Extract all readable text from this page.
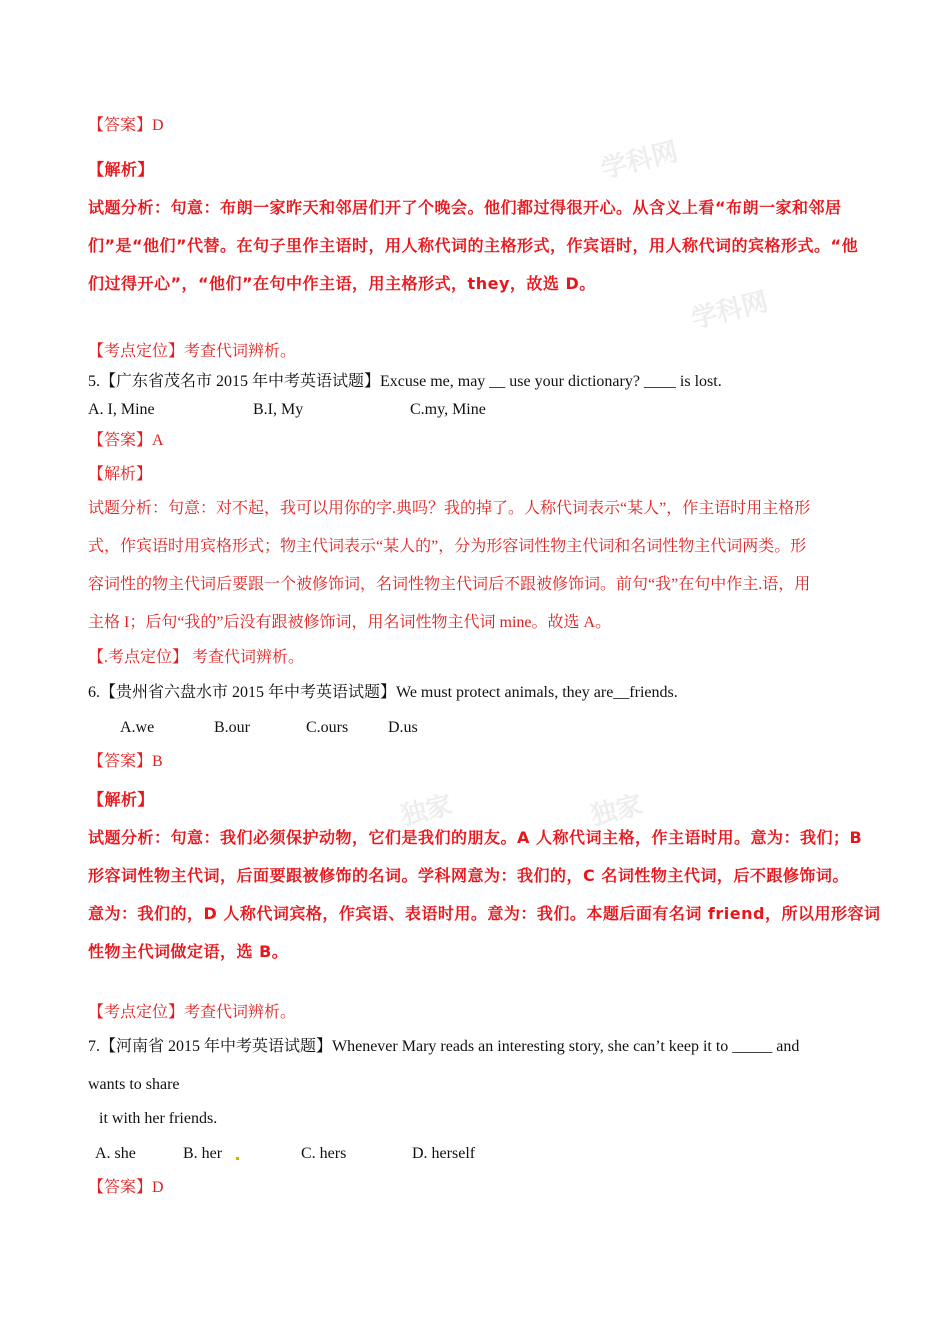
学科网
学科网
独家	独家
【答案】D
【解析】
试题分析：句意：布朗一家昨天和邻居们开了个晚会。他们都过得很开心。从含义上看“布朗一家和邻居
们”是“他们”代替。在句子里作主语时，用人称代词的主格形式，作宾语时，用人称代词的宾格形式。“他
们过得开心”，“他们”在句中作主语，用主格形式，they，故选 D。
【考点定位】考查代词辨析。
5.【广东省茂名市 2015 年中考英语试题】Excuse me, may __ use your dictionary? ____ is lost.
A. I, Mine	B.I, My	C.my, Mine
【答案】A
【解析】
试题分析：句意：对不起，我可以用你的字.典吗？我的掉了。人称代词表示“某人”，作主语时用主格形
式，作宾语时用宾格形式；物主代词表示“某人的”，分为形容词性物主代词和名词性物主代词两类。形
容词性的物主代词后要跟一个被修饰词，名词性物主代词后不跟被修饰词。前句“我”在句中作主.语，用
主格 I；后句“我的”后没有跟被修饰词，用名词性物主代词 mine。故选 A。
【.考点定位】 考查代词辨析。
6.【贵州省六盘水市 2015 年中考英语试题】We must protect animals, they are__friends.
A.we	B.our	C.ours D.us
【答案】B
【解析】
试题分析：句意：我们必须保护动物，它们是我们的朋友。A 人称代词主格，作主语时用。意为：我们；B
形容词性物主代词，后面要跟被修饰的名词。学科网意为：我们的，C 名词性物主代词，后不跟修饰词。
意为：我们的，D 人称代词宾格，作宾语、表语时用。意为：我们。本题后面有名词 friend，所以用形容词
性物主代词做定语，选 B。
【考点定位】考查代词辨析。
7.【河南省 2015 年中考英语试题】Whenever Mary reads an interesting story, she can’t keep it to _____ and
wants to share
it with her friends.
A. she	B. her	C. hers	D. herself
【答案】D
